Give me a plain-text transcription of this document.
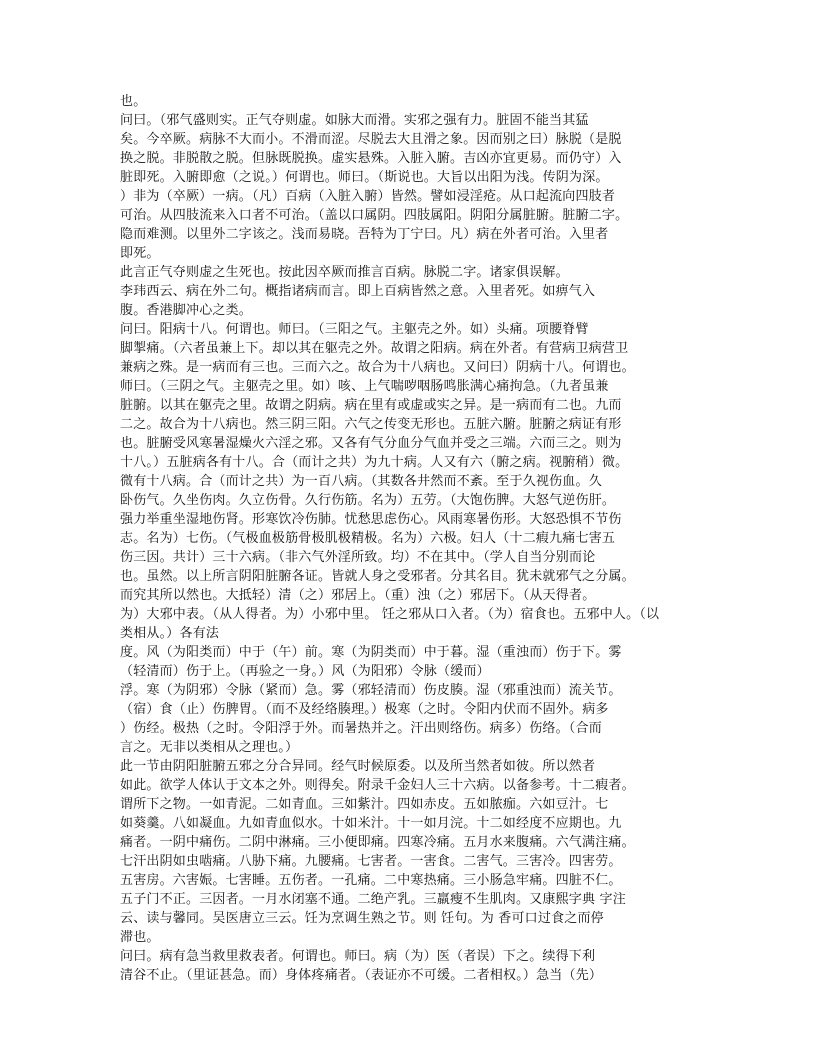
也。
问曰。（邪气盛则实。正气夺则虚。如脉大而滑。实邪之强有力。脏固不能当其猛
矣。今卒厥。病脉不大而小。不滑而涩。尽脱去大且滑之象。因而别之曰）脉脱（是脱
换之脱。非脱散之脱。但脉既脱换。虚实悬殊。入脏入腑。吉凶亦宜更易。而仍守）入
脏即死。入腑即愈（之说。）何谓也。师曰。（斯说也。大旨以出阳为浅。传阴为深。
）非为（卒厥）一病。（凡）百病（入脏入腑）皆然。譬如浸淫疮。从口起流向四肢者
可治。从四肢流来入口者不可治。（盖以口属阴。四肢属阳。阴阳分属脏腑。脏腑二字。
隐而难测。以里外二字该之。浅而易晓。吾特为丁宁曰。凡）病在外者可治。入里者
即死。
此言正气夺则虚之生死也。按此因卒厥而推言百病。脉脱二字。诸家俱误解。
李玮西云、病在外二句。概指诸病而言。即上百病皆然之意。入里者死。如痹气入
腹。香港脚冲心之类。
问曰。阳病十八。何谓也。师曰。（三阳之气。主躯壳之外。如）头痛。项腰脊臂
脚掣痛。（六者虽兼上下。却以其在躯壳之外。故谓之阳病。病在外者。有营病卫病营卫
兼病之殊。是一病而有三也。三而六之。故合为十八病也。又问曰）阴病十八。何谓也。
师曰。（三阴之气。主躯壳之里。如）咳、上气喘哕咽肠鸣胀满心痛拘急。（九者虽兼
脏腑。以其在躯壳之里。故谓之阴病。病在里有或虚或实之异。是一病而有二也。九而
二之。故合为十八病也。然三阴三阳。六气之传变无形也。五脏六腑。脏腑之病证有形
也。脏腑受风寒暑湿燥火六淫之邪。又各有气分血分气血并受之三端。六而三之。则为
十八。）五脏病各有十八。合（而计之共）为九十病。人又有六（腑之病。视腑稍）微。
微有十八病。合（而计之共）为一百八病。（其数各井然而不紊。至于久视伤血。久
卧伤气。久坐伤肉。久立伤骨。久行伤筋。名为）五劳。（大饱伤脾。大怒气逆伤肝。
强力举重坐湿地伤肾。形寒饮冷伤肺。忧愁思虑伤心。风雨寒暑伤形。大怒恐惧不节伤
志。名为）七伤。（气极血极筋骨极肌极精极。名为）六极。妇人（十二瘕九痛七害五
伤三因。共计）三十六病。（非六气外淫所致。均）不在其中。（学人自当分别而论
也。虽然。以上所言阴阳脏腑各证。皆就人身之受邪者。分其名目。犹未就邪气之分属。
而究其所以然也。大抵轻）清（之）邪居上。（重）浊（之）邪居下。（从天得者。
为）大邪中表。（从人得者。为）小邪中里。 饪之邪从口入者。（为）宿食也。五邪中人。（以
类相从。）各有法
度。风（为阳类而）中于（午）前。寒（为阴类而）中于暮。湿（重浊而）伤于下。雾
（轻清而）伤于上。（再验之一身。）风（为阳邪）令脉（缓而）
浮。寒（为阴邪）令脉（紧而）急。雾（邪轻清而）伤皮腠。湿（邪重浊而）流关节。
（宿）食（止）伤脾胃。（而不及经络腠理。）极寒（之时。令阳内伏而不固外。病多
）伤经。极热（之时。令阳浮于外。而暑热并之。汗出则络伤。病多）伤络。（合而
言之。无非以类相从之理也。）
此一节由阴阳脏腑五邪之分合异同。经气时候原委。以及所当然者如彼。所以然者
如此。欲学人体认于文本之外。则得矣。附录千金妇人三十六病。以备参考。十二瘕者。
谓所下之物。一如青泥。二如青血。三如紫汁。四如赤皮。五如脓痂。六如豆汁。七
如葵羹。八如凝血。九如青血似水。十如米汁。十一如月浣。十二如经度不应期也。九
痛者。一阴中痛伤。二阴中淋痛。三小便即痛。四寒冷痛。五月水来腹痛。六气满注痛。
七汗出阴如虫啮痛。八胁下痛。九腰痛。七害者。一害食。二害气。三害冷。四害劳。
五害房。六害娠。七害睡。五伤者。一孔痛。二中寒热痛。三小肠急牢痛。四脏不仁。
五子门不正。三因者。一月水闭塞不通。二绝产乳。三羸瘦不生肌肉。又康熙字典 字注
云、读与馨同。吴医唐立三云。饪为烹调生熟之节。则 饪句。为 香可口过食之而停
滞也。
问曰。病有急当救里救表者。何谓也。师曰。病（为）医（者误）下之。续得下利
清谷不止。（里证甚急。而）身体疼痛者。（表证亦不可缓。二者相权。）急当（先）
